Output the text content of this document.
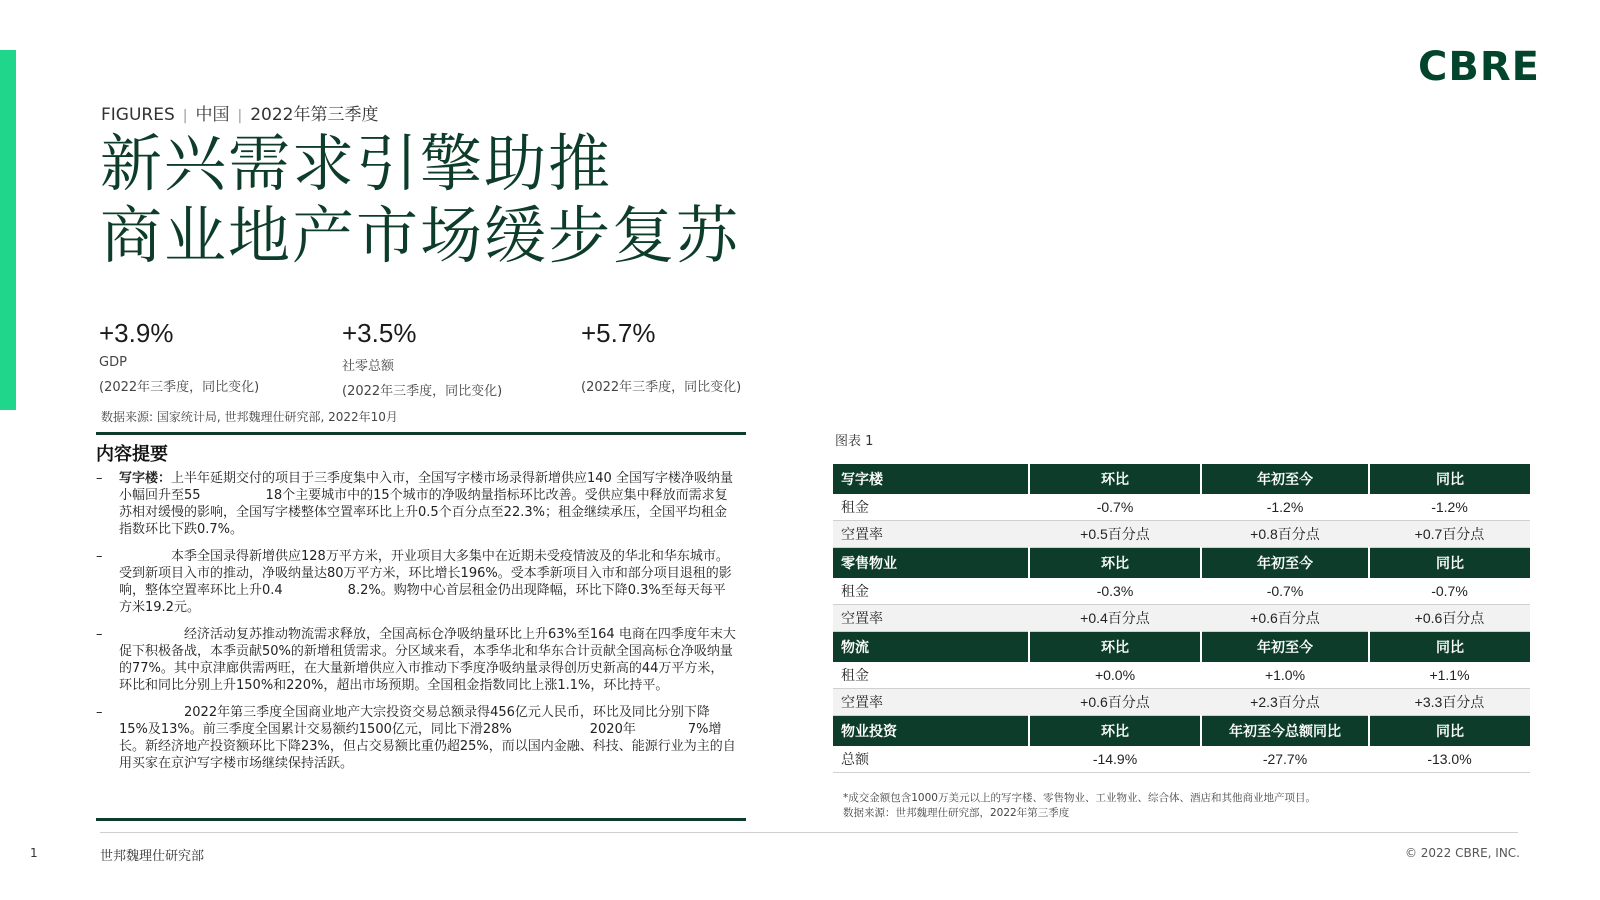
CBRE
FIGURES | 中国 | 2022年第三季度
新兴需求引擎助推
商业地产市场缓步复苏
+3.9%
GDP
(2022年三季度，同比变化)
+3.5%
社零总额
(2022年三季度，同比变化)
+5.7%
(2022年三季度，同比变化)
数据来源: 国家统计局, 世邦魏理仕研究部, 2022年10月
内容提要
– 写字楼：上半年延期交付的项目于三季度集中入市，全国写字楼市场录得新增供应140 全国写字楼净吸纳量小幅回升至55　　　　　18个主要城市中的15个城市的净吸纳量指标环比改善。受供应集中释放而需求复苏相对缓慢的影响，全国写字楼整体空置率环比上升0.5个百分点至22.3%；租金继续承压，全国平均租金指数环比下跌0.7%。
– 　　　　本季全国录得新增供应128万平方米，开业项目大多集中在近期未受疫情波及的华北和华东城市。受到新项目入市的推动，净吸纳量达80万平方米，环比增长196%。受本季新项目入市和部分项目退租的影响，整体空置率环比上升0.4　　　　　8.2%。购物中心首层租金仍出现降幅，环比下降0.3%至每天每平方米19.2元。
– 　　　　　经济活动复苏推动物流需求释放，全国高标仓净吸纳量环比上升63%至164 电商在四季度年末大促下积极备战，本季贡献50%的新增租赁需求。分区域来看，本季华北和华东合计贡献全国高标仓净吸纳量的77%。其中京津廊供需两旺，在大量新增供应入市推动下季度净吸纳量录得创历史新高的44万平方米，环比和同比分别上升150%和220%，超出市场预期。全国租金指数同比上涨1.1%，环比持平。
– 　　　　　2022年第三季度全国商业地产大宗投资交易总额录得456亿元人民币，环比及同比分别下降15%及13%。前三季度全国累计交易额约1500亿元，同比下滑28%　　　　　　2020年　　　　7%增长。新经济地产投资额环比下降23%，但占交易额比重仍超25%，而以国内金融、科技、能源行业为主的自用买家在京沪写字楼市场继续保持活跃。
图表 1
写字楼	环比	年初至今	同比
租金	-0.7%	-1.2%	-1.2%
空置率	+0.5百分点	+0.8百分点	+0.7百分点
零售物业	环比	年初至今	同比
租金	-0.3%	-0.7%	-0.7%
空置率	+0.4百分点	+0.6百分点	+0.6百分点
物流	环比	年初至今	同比
租金	+0.0%	+1.0%	+1.1%
空置率	+0.6百分点	+2.3百分点	+3.3百分点
物业投资	环比	年初至今总额同比	同比
总额	-14.9%	-27.7%	-13.0%
*成交金额包含1000万美元以上的写字楼、零售物业、工业物业、综合体、酒店和其他商业地产项目。
数据来源：世邦魏理仕研究部，2022年第三季度
1	世邦魏理仕研究部	© 2022 CBRE, INC.
